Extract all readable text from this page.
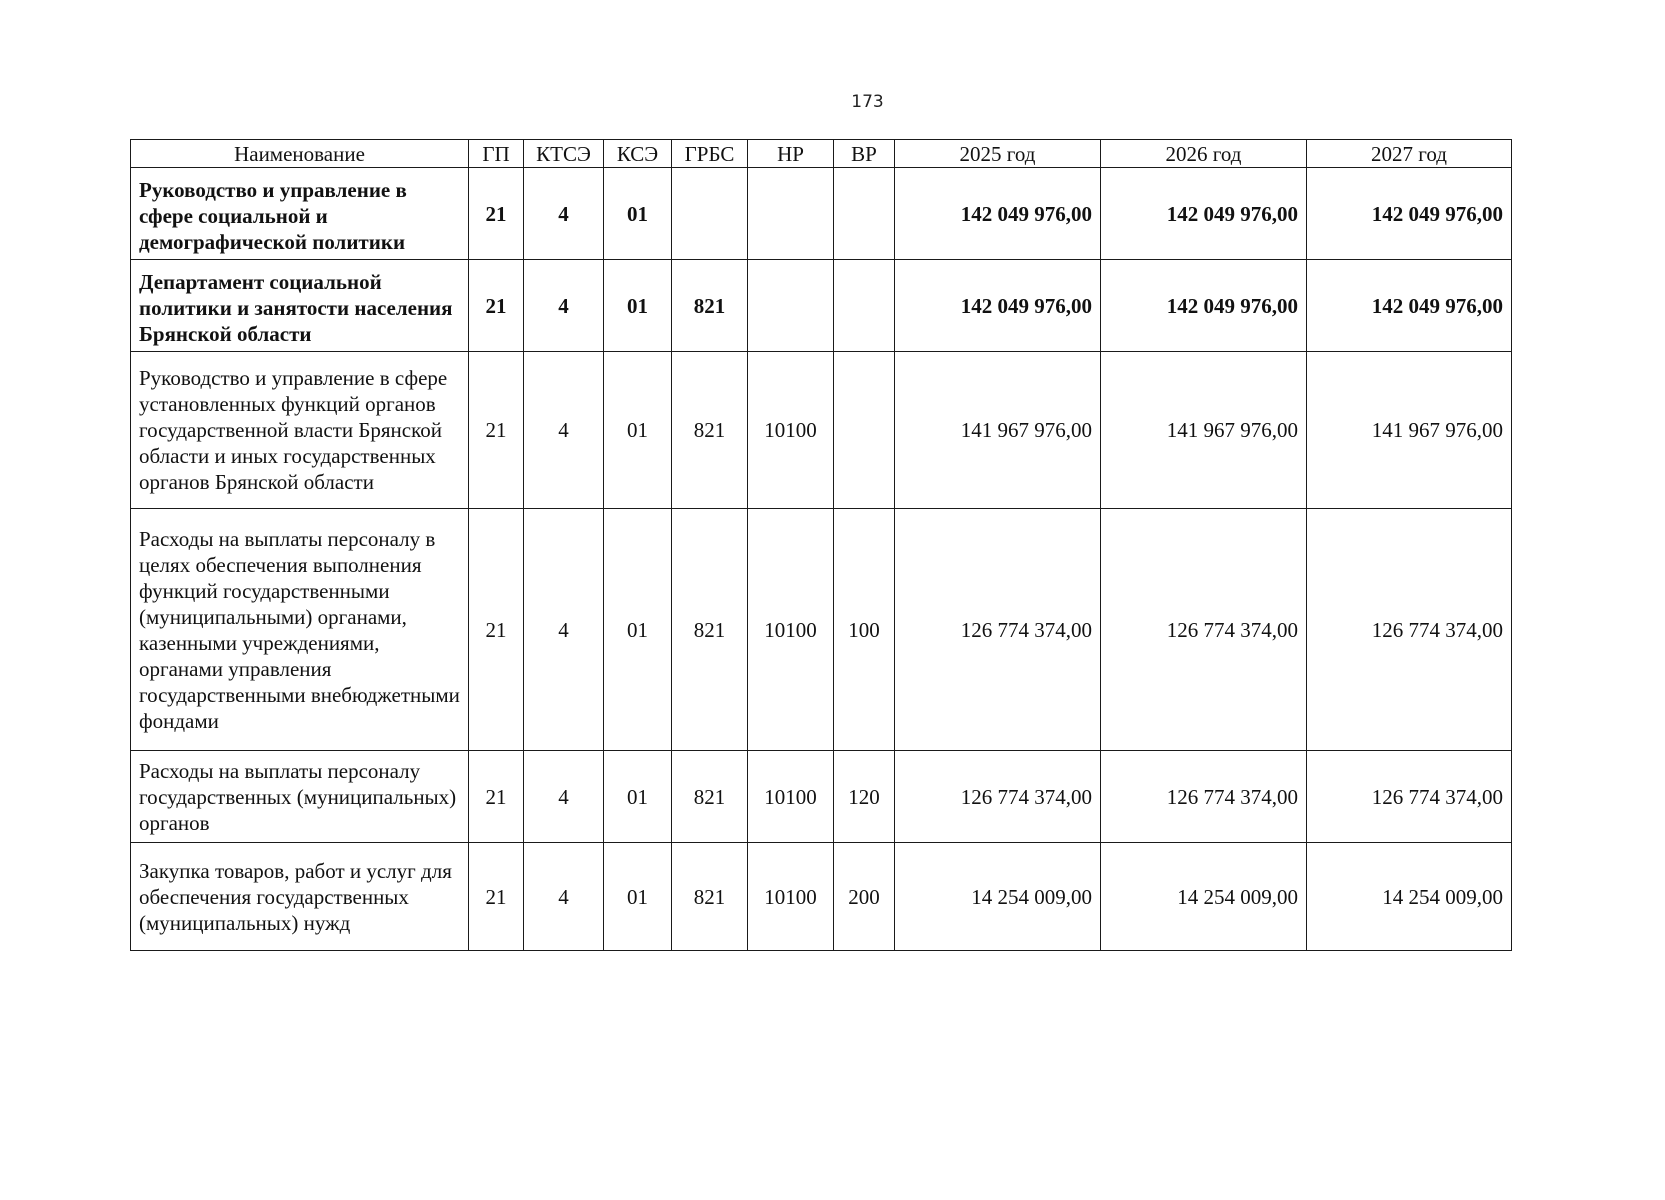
173
Наименование	ГП	КТСЭ	КСЭ	ГРБС	НР	ВР	2025 год	2026 год	2027 год
Руководство и управление в сфере социальной и демографической политики	21	4	01				142 049 976,00	142 049 976,00	142 049 976,00
Департамент социальной политики и занятости населения Брянской области	21	4	01	821			142 049 976,00	142 049 976,00	142 049 976,00
Руководство и управление в сфере установленных функций органов государственной власти Брянской области и иных государственных органов Брянской области	21	4	01	821	10100		141 967 976,00	141 967 976,00	141 967 976,00
Расходы на выплаты персоналу в целях обеспечения выполнения функций государственными (муниципальными) органами, казенными учреждениями, органами управления государственными внебюджетными фондами	21	4	01	821	10100	100	126 774 374,00	126 774 374,00	126 774 374,00
Расходы на выплаты персоналу государственных (муниципальных) органов	21	4	01	821	10100	120	126 774 374,00	126 774 374,00	126 774 374,00
Закупка товаров, работ и услуг для обеспечения государственных (муниципальных) нужд	21	4	01	821	10100	200	14 254 009,00	14 254 009,00	14 254 009,00
